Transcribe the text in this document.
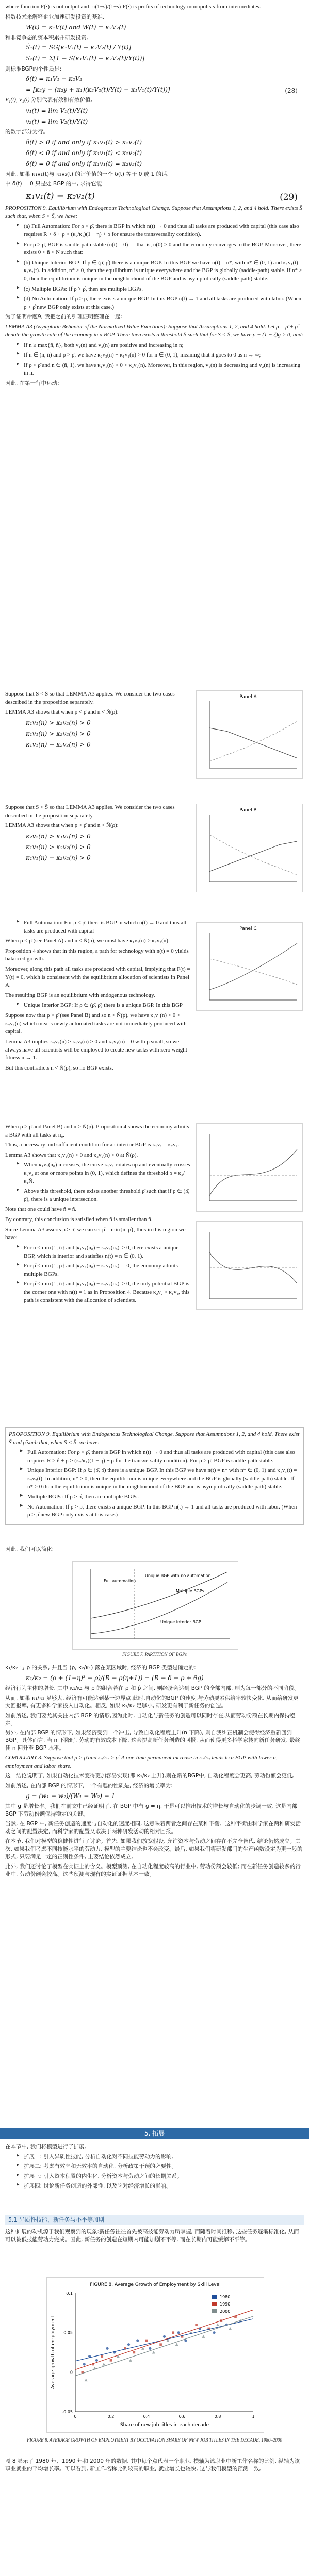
where function F(·) is not output and [π(1−s)/(1−s)]F(·) is profits of technology monopolists from intermediates.

相数技术来解释企业加速研发投资的基准,

W(t) = κ₁V(t) and W(t) = κ₂V₂(t)

和非竞争态的资本积累并研发投资。

Ṡ₁(t) = SG[κ₁V₁(t) − κ₂V₂(t) / Y(t)]
S₂(t) = Σ[1 − S(κ₁V₁(t) − κ₂V₂(t)/Y(t))]

则标准BGP的个性质是:

δ(t) = κ₁V₁ − κ₂V₂
= [κ₂y − (κ₂y + κ₁)(κ₂V₂(t)/Y(t) − κ₁V₁(t)/Y(t))]	(28)

V₁(t), V₂(t) 分别代表有效和有效价值,

v₁(t) = lim V₁(t)/Y(t)
v₂(t) = lim V₂(t)/Y(t)

的数字部分为行。

δ(t) > 0 if and only if κ₁v₁(t) > κ₂v₂(t)
δ(t) < 0 if and only if κ₁v₁(t) < κ₂v₂(t)
δ(t) = 0 if and only if κ₁v₁(t) = κ₂v₂(t)

因此, 如果 κ₁v₁(t)与 κ₂v₂(t) 的评价值的一个 δ(t) 等于 0 或 1 的话,

中 δ(t) = 0 只是处 BGP 的中, 求得它能

κ₁v₁(t) = κ₂v₂(t)	(29)

PROPOSITION 9. Equilibrium with Endogenous Technological Change. Suppose that Assumptions 1, 2, and 4 hold. There exists S̄ such that, when S < S̄, we have:

▶ (a) Full Automation: For ρ < ρ̄, there is BGP in which n(t) → 0 and thus all tasks are produced with capital (this case also requires R > δ + ρ > (κ₂/κ₁)(1 − η) + ρ for ensure the transversality condition).
▶ For ρ > ρ̄, BGP is saddle-path stable (n(t) = 0) — that is, n(0) > 0 and the economy converges to the BGP. Moreover, there exists 0 < ñ < N such that:
▶ (b) Unique Interior BGP: If ρ ∈ (ρ̄, ρ̂) there is a unique BGP. In this BGP we have n(t) = n*, with n* ∈ (0, 1) and κ₁v₁(t) = κ₂v₂(t). In addition, n* > 0, then the equilibrium is unique everywhere and the BGP is globally (saddle-path) stable. If n* > 0, then the equilibrium is unique in the neighborhood of the BGP and is asymptotically (saddle-path) stable.
▶ (c) Multiple BGPs: If ρ > ρ̂, then are multiple BGPs.
▶ (d) No Automation: If ρ > ρ̃, there exists a unique BGP. In this BGP n(t) → 1 and all tasks are produced with labor. (When ρ > ρ̂ new BGP only exists at this case.)

为了证明命题9, 我把之前的引理证明整理在一起:

LEMMA A3 (Asymptotic Behavior of the Normalized Value Functions): Suppose that Assumptions 1, 2, and 4 hold. Let ρ = ρ̄ + ρ̂ denote the growth rate of the economy in a BGP. There then exists a threshold S̄ such that for S < S̄, we have ρ − (1 − ζ)g > 0, and:

▶ If n ≥ max{ñ, ñ}, both v₁(n) and v₂(n) are positive and increasing in n;
▶ If n ∈ (ñ, ñ) and ρ > ρ̄, we have κ₂v₂(n) − κ₁v₁(n) > 0 for n ∈ (0, 1), meaning that it goes to 0 as n → ∞;
▶ If ρ < ρ̄ and n ∈ (ñ, 1), we have κ₁v₁(n) > 0 > κ₂v₂(n). Moreover, in this region, v₁(n) is decreasing and v₂(n) is increasing in n.

因此, 在第一行中运动:

Suppose that S < S̄ so that LEMMA A3 applies. We consider the two cases described in the proposition separately.

LEMMA A3 shows that when ρ < ρ̄ and n < Ñ(ρ):

κ₁v₁(n) > κ₂v₂(n) > 0
κ₁v₁(n) > κ₂v₂(n) > 0
κ₁v₁(n) − κ₂v₂(n) > 0
Panel A

Suppose that S < S̄ so that LEMMA A3 applies. We consider the two cases described in the proposition separately.

LEMMA A3 shows that when ρ > ρ̄ and n < Ñ(ρ):

κ₂v₂(n) > κ₁v₁(n) > 0
κ₁v₁(n) > κ₂v₂(n) > 0
κ₁v₁(n) − κ₂v₂(n) > 0
Panel B
▶ Full Automation: For ρ < ρ̄, there is BGP in which n(t) → 0 and thus all tasks are produced with capital

When ρ < ρ̄ (see Panel A) and n < Ñ(ρ), we must have κ₁v₁(n) > κ₂v₂(n).

Proposition 4 shows that in this region, a path for technology with n(t) = 0 yields balanced growth.

Moreover, along this path all tasks are produced with capital, implying that F(t) = Y(t) = 0, which is consistent with the equilibrium allocation of scientists in Panel A.

The resulting BGP is an equilibrium with endogenous technology.

▶ Unique Interior BGP: If ρ ∈ (ρ̄, ρ̂) there is a unique BGP. In this BGP

Suppose now that ρ > ρ̄ (see Panel B) and so n < Ñ(ρ), we have κ₁v₁(n) > 0 > κ₂v₂(n) which means newly automated tasks are not immediately produced with capital.

Lemma A3 implies κ₂v₂(n) > κ₁v₁(n) > 0 and κ₁v₁(n) = 0 with ρ small, so we always have all scientists will be employed to create new tasks with zero weight fitness n → 1.

But this contradicts n < Ñ(ρ), so no BGP exists.

Panel C

When ρ > ρ̄ and Panel B) and n > Ñ(ρ). Proposition 4 shows the economy admits a BGP with all tasks at n₀.

Thus, a necessary and sufficient condition for an interior BGP is κ₁v₁ = κ₂v₂.

Lemma A3 shows that κ₁v₁(n) > 0 and κ₂v₂(n) > 0 at Ñ(ρ).

▶ When κ₁v₁(n₀) increases, the curve κ₁v₁ rotates up and eventually crosses κ₂v₂ at one or more points in (0, 1), which defines the threshold ρ = κ₂/κ₁Ñ.
▶ Above this threshold, there exists another threshold ρ̂ such that if ρ ∈ (ρ̄, ρ̂), there is a unique intersection.

Note that one could have ñ = ñ.

By contrary, this conclusion is satisfied when ñ is smaller than ñ.

Since Lemma A3 asserts ρ > ρ̄, we can set ρ̂ = min{ñ, ρ̂}, thus in this region we have:

▶ For ñ < min{1, ñ} and |κ₁v₁(n₀) − κ₂v₂(n₀)| ≥ 0, there exists a unique BGP, which is interior and satisfies n(t) = n ∈ (0, 1).
▶ For ρ̂ < min{1, ρ̃} and |κ₂v₂(n₀) − κ₁v₁(n₀)| = 0, the economy admits multiple BGPs.
▶ For ρ̂ < min{1, ñ} and |κ₁v₁(n₀) − κ₂v₂(n₀)| ≥ 0, the only potential BGP is the corner one with n(t) = 1 as in Proposition 4. Because κ₂v₂ > κ₁v₁, this path is consistent with the allocation of scientists.

PROPOSITION 9. Equilibrium with Endogenous Technological Change. Suppose that Assumptions 1, 2, and 4 hold. There exist S̄ and ρ̂ such that, when S < S̄, we have:

▶ Full Automation: For ρ < ρ̄, there is BGP in which n(t) → 0 and thus all tasks are produced with capital (this case also requires R > δ + ρ > (κ₂/κ₁)(1 − η) + ρ for the transversality condition). For ρ > ρ̄, BGP is saddle-path stable.
▶ Unique Interior BGP: If ρ ∈ (ρ̄, ρ̂) there is a unique BGP. In this BGP we have n(t) = n* with n* ∈ (0, 1) and κ₁v₁(t) = κ₂v₂(t). In addition, n* > 0, then the equilibrium is unique everywhere and the BGP is globally (saddle-path) stable. If n* > 0 then the equilibrium is unique in the neighborhood of the BGP and is asymptotically (saddle-path) stable.
▶ Multiple BGPs: If ρ > ρ̂, then are multiple BGPs.
▶ No Automation: If ρ > ρ̃, there exists a unique BGP. In this BGP n(t) → 1 and all tasks are produced with labor. (When ρ > ρ̂ new BGP only exists at this case.)

因此, 我们可以简化:

Full automation
Unique interior BGP
Multiple BGPs
Unique BGP with no automation
FIGURE 7. PARTITION OF BGPs

κ₁/κ₂ 与 ρ 的关系, 并且当 (ρ, κ₂/κ₁) 落在某区域时, 经济的 BGP 类型是确定的:

κ₁/κ₂ = (ρ + (1−η)³ − ρ)/(R − ρ(η+1)) = (R − δ + ρ + θg)

经济行为主体的增长, 其中 κ₁/κ₂ 与 ρ 的组合若在 ρ̄ 和 ρ̂ 之间, 则经济会达到 BGP 的全部内部, 则为每一部分的不同阶段。

从而, 如果 κ₁/κ₂ 足够大, 经济有可能达到某一边界点,此时,自动化的BGP 的速度,与劳动要素供给率较快变化, 从而给研发更大回报率, 有更多科学家投入自动化。相反, 如果 κ₁/κ₂ 足够小, 研发更有利于新任务的创造。

如前所述, 我们要尤其关注内部 BGP 的情形,因为此时, 自动化与新任务的创造可以同时存在,从而劳动份额在长期内保持稳定。

另外, 在内部 BGP 的情形下, 如果经济受到一个冲击, 导致自动化程度上升(n 下降), 则自我纠正机制会使得经济重新回到 BGP。具体而言, 当 n 下降时, 劳动的有效成本下降, 这会提高新任务创造的回报, 从而使得更多科学家转向新任务研发, 最终使 n 回升至 BGP 水平。

COROLLARY 3. Suppose that ρ > ρ̄ and κ₂/κ₁ > ρ̂. A one-time permanent increase in κ₁/κ₂ leads to a BGP with lower n, employment and labor share.

这一结论说明了, 如果自动化技术变得更加容易实现(即 κ₁/κ₂ 上升),则在新的BGP中, 自动化程度会更高, 劳动份额会更低。

如前所述, 在内部 BGP 的情形下, 一个有趣的性质是, 经济的增长率为:

g = (w₁ − w₂)/(W₁ − W₂) − 1

其中 g 是增长率。我们在前文中已经证明了, 在 BGP 中有 g = η, 于是可以推出技术的增长与自动化的步调一致, 这是内部 BGP 下劳动份额保持稳定的关键。

当然, 在 BGP 中, 新任务创造的速度与自动化的速度相同, 这意味着两者之间存在某种平衡。这种平衡由科学家在两种研发活动之间的配置决定, 而科学家的配置又取决于两种研发活动的相对回报。

在本节, 我们对模型的稳健性进行了讨论。首先, 如果我们放宽假设, 允许资本与劳动之间存在不完全替代, 结论仍然成立。其次, 如果我们考虑不同技能水平的劳动力, 模型的主要结论也不会改变。最后, 如果我们将研发部门的生产函数设定为更一般的形式, 只要满足一定的正则性条件, 主要结论依然成立。

此外, 我们还讨论了模型在实证上的含义。模型预测, 在自动化程度较高的行业中, 劳动份额会较低; 而在新任务创造较多的行业中, 劳动份额会较高。这些预测与现有的实证证据基本一致。

5. 拓展

在本节中, 我们将模型进行了扩展。

▶ 扩展一: 引入异质性技能, 分析自动化对不同技能劳动力的影响。
▶ 扩展二: 考虑有效率和无效率的自动化, 分析政策干预的必要性。
▶ 扩展三: 引入资本积累的内生化, 分析资本与劳动之间的长期关系。
▶ 扩展四: 讨论新任务创造的外部性, 以及它对经济增长的影响。
5.1 异质性技能、新任务与不平等加剧

这种扩展的动机源于我们观察到的现象:新任务往往首先被高技能劳动力所掌握, 而随着时间推移, 这些任务逐渐标准化, 从而可以被低技能劳动力完成。因此, 新任务的创造在短期内可能加剧不平等, 而在长期内可能缓解不平等。

FIGURE 8. Average Growth of Employment by Skill Level
Share of new job titles in each decade
Average growth of employment
0	0.2	0.4	0.6	0.8	1
-0.05
0
0.05
0.1
1980
1990
2000
FIGURE 8. AVERAGE GROWTH OF EMPLOYMENT BY OCCUPATION SHARE OF NEW JOB TITLES IN THE DECADE, 1980–2000

图 8 显示了 1980 年、1990 年和 2000 年的数据, 其中每个点代表一个职业, 横轴为该职业中新工作名称的比例, 纵轴为该职业就业的平均增长率。可以看到, 新工作名称比例较高的职业, 就业增长也较快, 这与我们模型的预测一致。
